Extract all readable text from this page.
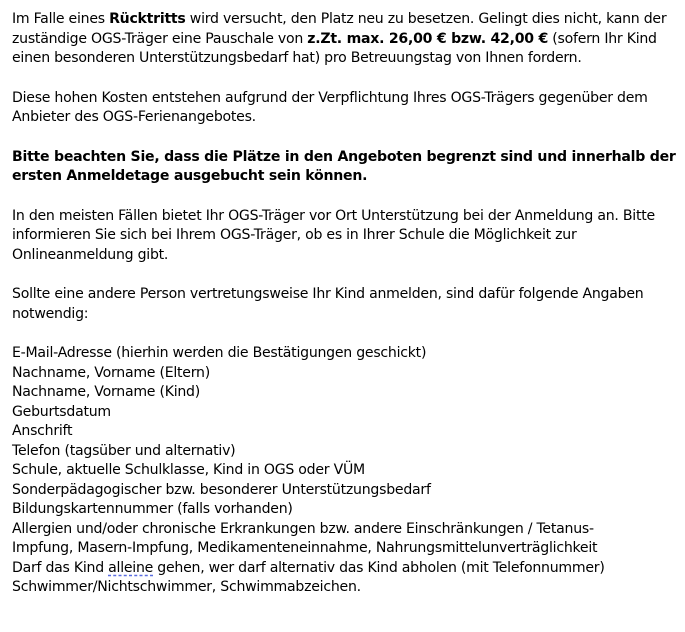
Im Falle eines Rücktritts wird versucht, den Platz neu zu besetzen. Gelingt dies nicht, kann der zuständige OGS-Träger eine Pauschale von z.Zt. max. 26,00 € bzw. 42,00 € (sofern Ihr Kind einen besonderen Unterstützungsbedarf hat) pro Betreuungstag von Ihnen fordern.

Diese hohen Kosten entstehen aufgrund der Verpflichtung Ihres OGS-Trägers gegenüber dem Anbieter des OGS-Ferienangebotes.

Bitte beachten Sie, dass die Plätze in den Angeboten begrenzt sind und innerhalb der ersten Anmeldetage ausgebucht sein können.

In den meisten Fällen bietet Ihr OGS-Träger vor Ort Unterstützung bei der Anmeldung an. Bitte informieren Sie sich bei Ihrem OGS-Träger, ob es in Ihrer Schule die Möglichkeit zur Onlineanmeldung gibt.

Sollte eine andere Person vertretungsweise Ihr Kind anmelden, sind dafür folgende Angaben notwendig:

E-Mail-Adresse (hierhin werden die Bestätigungen geschickt)
Nachname, Vorname (Eltern)
Nachname, Vorname (Kind)
Geburtsdatum
Anschrift
Telefon (tagsüber und alternativ)
Schule, aktuelle Schulklasse, Kind in OGS oder VÜM
Sonderpädagogischer bzw. besonderer Unterstützungsbedarf
Bildungskartennummer (falls vorhanden)
Allergien und/oder chronische Erkrankungen bzw. andere Einschränkungen / Tetanus-
Impfung, Masern-Impfung, Medikamenteneinnahme, Nahrungsmittelunverträglichkeit
Darf das Kind alleine gehen, wer darf alternativ das Kind abholen (mit Telefonnummer)
Schwimmer/Nichtschwimmer, Schwimmabzeichen.
